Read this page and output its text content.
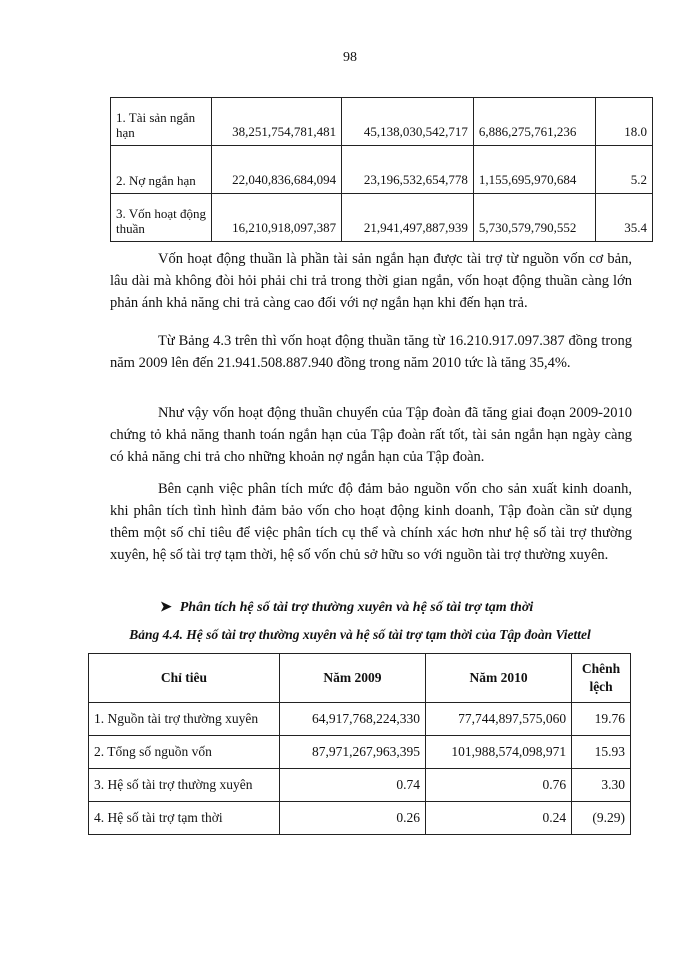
98
1. Tài sản ngắn hạn	38,251,754,781,481	45,138,030,542,717	6,886,275,761,236	18.0
2. Nợ ngắn hạn	22,040,836,684,094	23,196,532,654,778	1,155,695,970,684	5.2
3. Vốn hoạt động thuần	16,210,918,097,387	21,941,497,887,939	5,730,579,790,552	35.4

Vốn hoạt động thuần là phần tài sản ngắn hạn được tài trợ từ nguồn vốn cơ bản, lâu dài mà không đòi hỏi phải chi trả trong thời gian ngắn, vốn hoạt động thuần càng lớn phản ánh khả năng chi trả càng cao đối với nợ ngắn hạn khi đến hạn trả.

Từ Bảng 4.3 trên thì vốn hoạt động thuần tăng từ 16.210.917.097.387 đồng trong năm 2009 lên đến 21.941.508.887.940 đồng trong năm 2010 tức là tăng 35,4%.

Như vậy vốn hoạt động thuần chuyển của Tập đoàn đã tăng giai đoạn 2009-2010 chứng tỏ khả năng thanh toán ngắn hạn của Tập đoàn rất tốt, tài sản ngắn hạn ngày càng có khả năng chi trả cho những khoản nợ ngắn hạn của Tập đoàn.

Bên cạnh việc phân tích mức độ đảm bảo nguồn vốn cho sản xuất kinh doanh, khi phân tích tình hình đảm bảo vốn cho hoạt động kinh doanh, Tập đoàn cần sử dụng thêm một số chỉ tiêu để việc phân tích cụ thể và chính xác hơn như hệ số tài trợ thường xuyên, hệ số tài trợ tạm thời, hệ số vốn chủ sở hữu so với nguồn tài trợ thường xuyên.

➤ Phân tích hệ số tài trợ thường xuyên và hệ số tài trợ tạm thời
Bảng 4.4. Hệ số tài trợ thường xuyên và hệ số tài trợ tạm thời của Tập đoàn Viettel
Chỉ tiêu	Năm 2009	Năm 2010	Chênh lệch
1. Nguồn tài trợ thường xuyên	64,917,768,224,330	77,744,897,575,060	19.76
2. Tổng số nguồn vốn	87,971,267,963,395	101,988,574,098,971	15.93
3. Hệ số tài trợ thường xuyên	0.74	0.76	3.30
4. Hệ số tài trợ tạm thời	0.26	0.24	(9.29)
